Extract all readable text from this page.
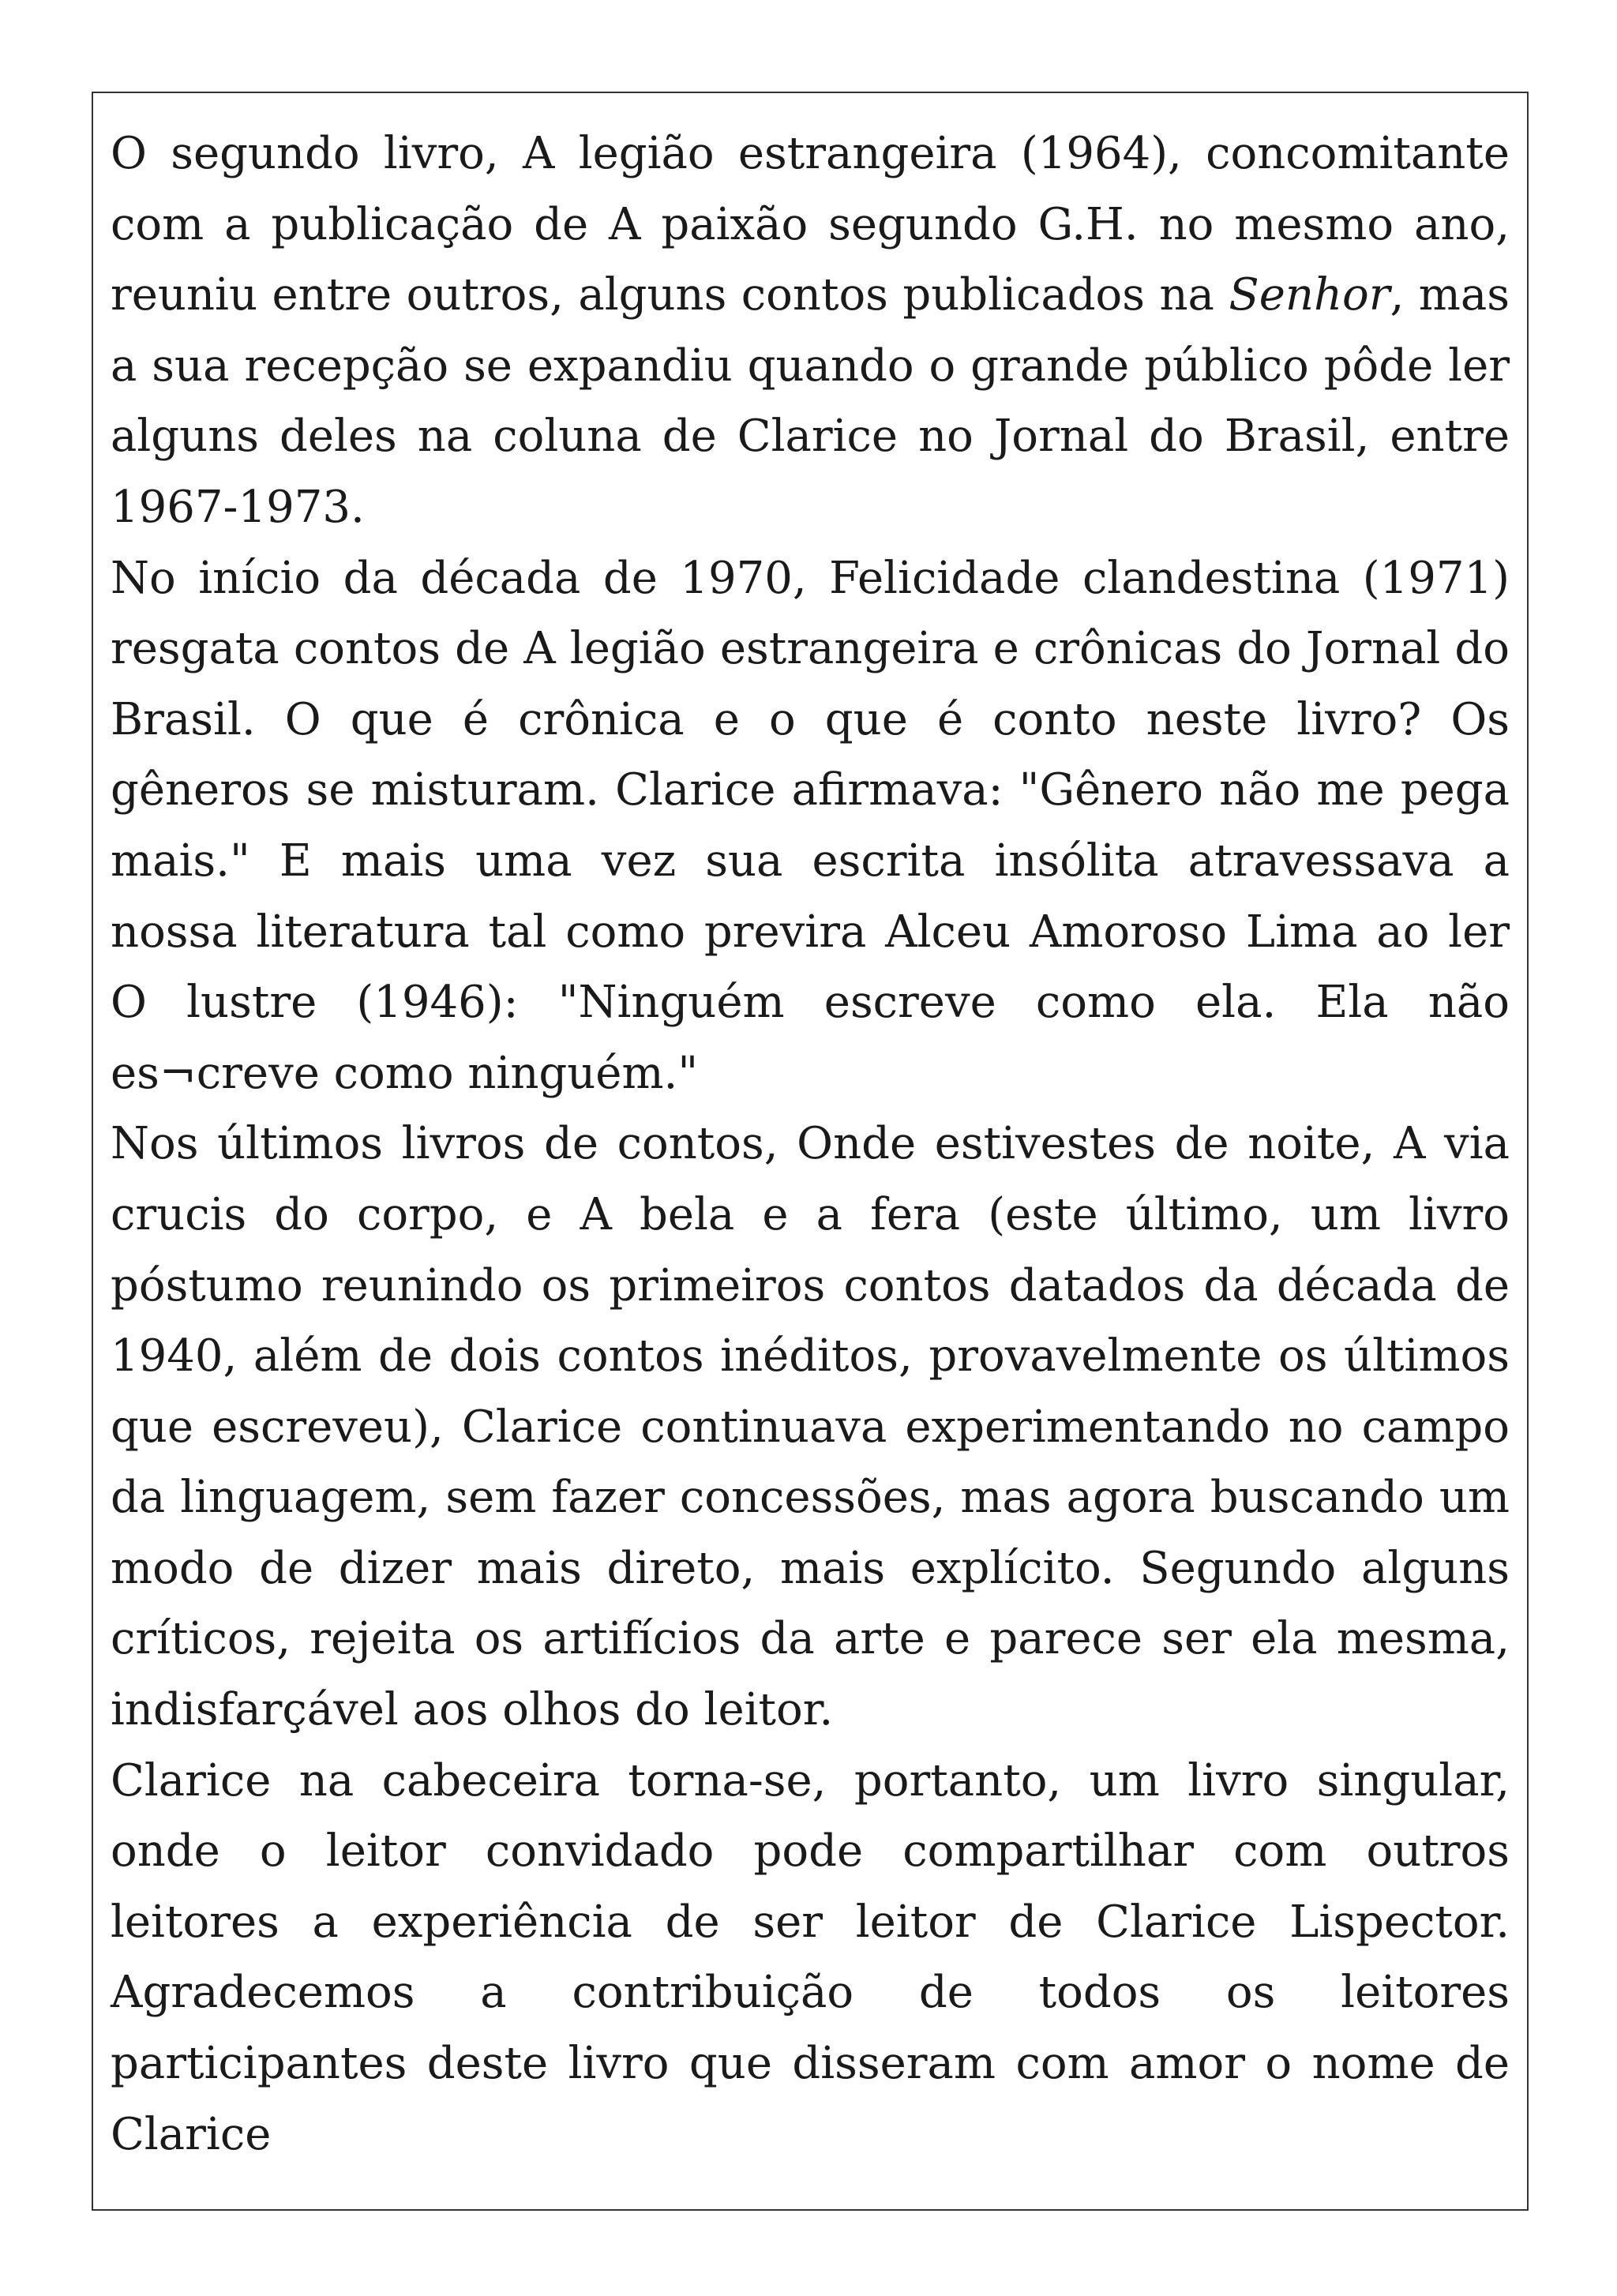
O segundo livro, A legião estrangeira (1964), concomitante com a publicação de A paixão segundo G.H. no mesmo ano, reuniu entre outros, alguns contos publicados na Senhor, mas a sua recepção se expandiu quando o grande público pôde ler alguns deles na coluna de Clarice no Jornal do Brasil, entre 1967-1973.

No início da década de 1970, Felicidade clandestina (1971) resgata contos de A legião estrangeira e crônicas do Jornal do Brasil. O que é crônica e o que é conto neste livro? Os gêneros se misturam. Clarice afirmava: "Gênero não me pega mais." E mais uma vez sua escrita insólita atravessava a nossa literatura tal como previra Alceu Amoroso Lima ao ler O lustre (1946): "Ninguém escreve como ela. Ela não es¬creve como ninguém."

Nos últimos livros de contos, Onde estivestes de noite, A via crucis do corpo, e A bela e a fera (este último, um livro póstumo reunindo os primeiros contos datados da década de 1940, além de dois contos inéditos, provavelmente os últimos que escreveu), Clarice continuava experimentando no campo da linguagem, sem fazer concessões, mas agora buscando um modo de dizer mais direto, mais explícito. Segundo alguns críticos, rejeita os artifícios da arte e parece ser ela mesma, indisfarçável aos olhos do leitor.

Clarice na cabeceira torna-se, portanto, um livro singular, onde o leitor convidado pode compartilhar com outros leitores a experiência de ser leitor de Clarice Lispector. Agradecemos a contribuição de todos os leitores participantes deste livro que disseram com amor o nome de Clarice
